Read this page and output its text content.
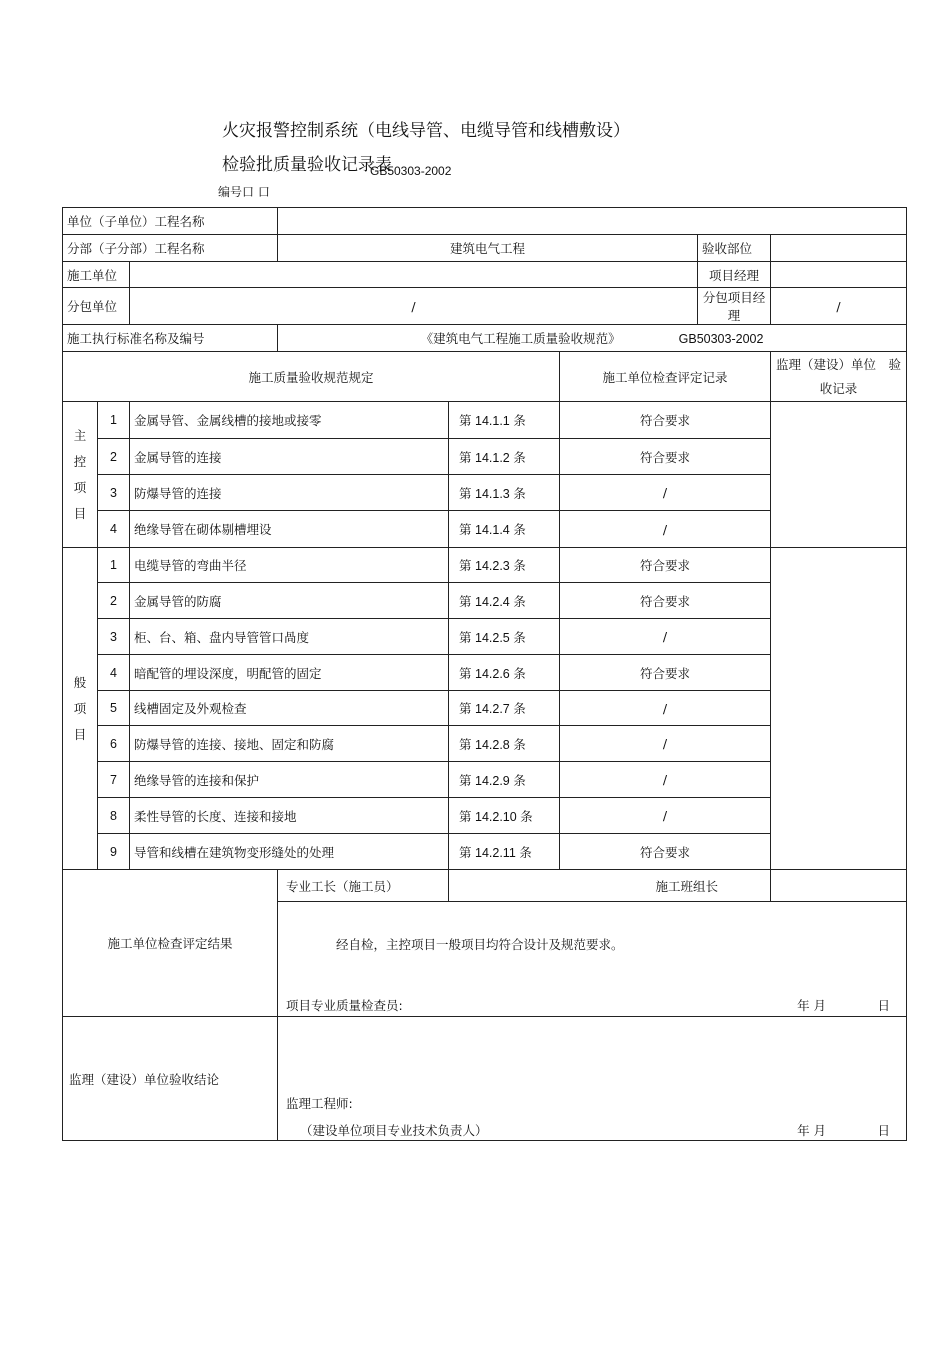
火灾报警控制系统（电线导管、电缆导管和线槽敷设）
检验批质量验收记录表
GB50303-2002
编号口 口
单位（子单位）工程名称							
分部（子分部）工程名称			建筑电气工程			验收部位	
施工单位						项目经理	
分包单位		/				分包项目经理	/
施工执行标准名称及编号			《建筑电气工程施工质量验收规范》 GB50303-2002				
施工质量验收规范规定					施工单位检查评定记录		监理（建设）单位　验
收记录

主 控
项 目	1	金属导管、金属线槽的接地或接零		第 14.1.1 条	符合要求		
	2	金属导管的连接		第 14.1.2 条	符合要求		
	3	防爆导管的连接		第 14.1.3 条	/		
	4	绝缘导管在砌体剔槽埋设		第 14.1.4 条	/		

般 项
目	1	电缆导管的弯曲半径		第 14.2.3 条	符合要求		
	2	金属导管的防腐		第 14.2.4 条	符合要求		
	3	柜、台、箱、盘内导管管口咼度		第 14.2.5 条	/		
	4	暗配管的埋设深度，明配管的固定		第 14.2.6 条	符合要求		
	5	线槽固定及外观检查		第 14.2.7 条	/		
	6	防爆导管的连接、接地、固定和防腐		第 14.2.8 条	/		
	7	绝缘导管的连接和保护		第 14.2.9 条	/		
	8	柔性导管的长度、连接和接地		第 14.2.10 条	/		
	9	导管和线槽在建筑物变形缝处的处理		第 14.2.11 条	符合要求		
施工单位检查评定结果			专业工长（施工员）	施工班组长			

			经自检，主控项目一般项目均符合设计及规范要求。
项目专业质量检查员: 年 月 日				

监理（建设）单位验收结论			监理工程师:
（建设单位项目专业技术负责人） 年 月 日				
